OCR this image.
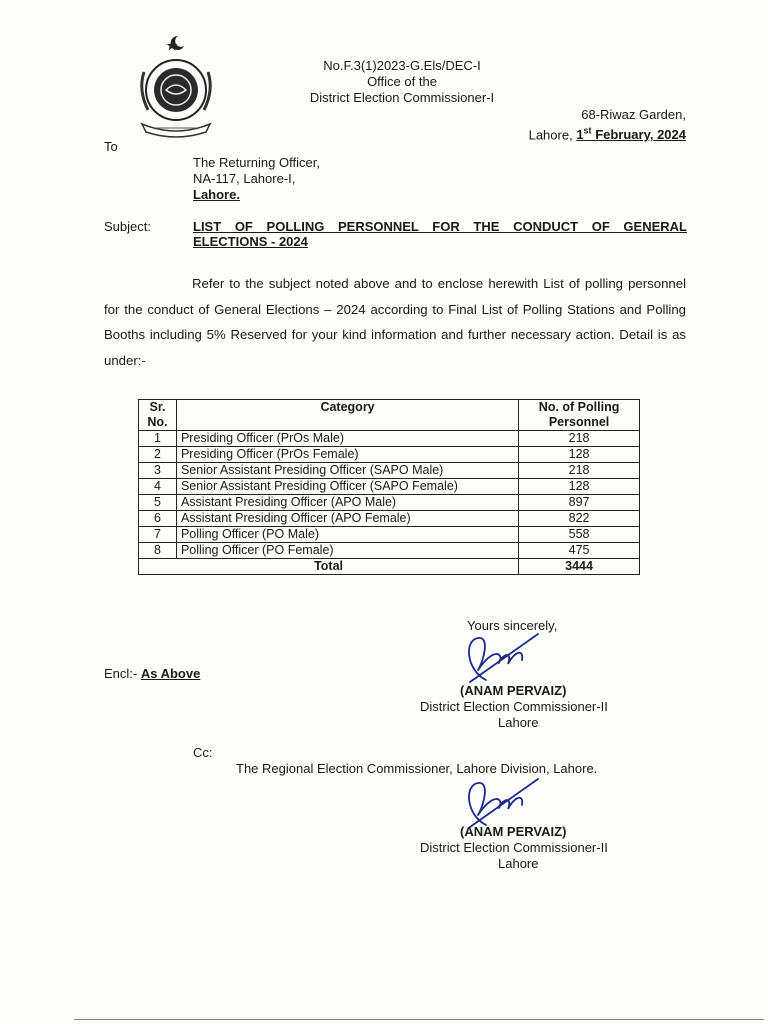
No.F.3(1)2023-G.Els/DEC-I
Office of the
District Election Commissioner-I
68-Riwaz Garden,
Lahore, 1st February, 2024
To
The Returning Officer,
NA-117, Lahore-I,
Lahore.
Subject:	LIST OF POLLING PERSONNEL FOR THE CONDUCT OF GENERAL
ELECTIONS - 2024
Refer to the subject noted above and to enclose herewith List of polling personnel for the conduct of General Elections – 2024 according to Final List of Polling Stations and Polling Booths including 5% Reserved for your kind information and further necessary action. Detail is as under:-
Sr.
No.	Category	No. of Polling
Personnel
1	Presiding Officer (PrOs Male)	218
2	Presiding Officer (PrOs Female)	128
3	Senior Assistant Presiding Officer (SAPO Male)	218
4	Senior Assistant Presiding Officer (SAPO Female)	128
5	Assistant Presiding Officer (APO Male)	897
6	Assistant Presiding Officer (APO Female)	822
7	Polling Officer (PO Male)	558
8	Polling Officer (PO Female)	475
Total		3444
Yours sincerely,
(ANAM PERVAIZ)
District Election Commissioner-II
Lahore
Encl:- As Above
Cc:
The Regional Election Commissioner, Lahore Division, Lahore.
(ANAM PERVAIZ)
District Election Commissioner-II
Lahore
